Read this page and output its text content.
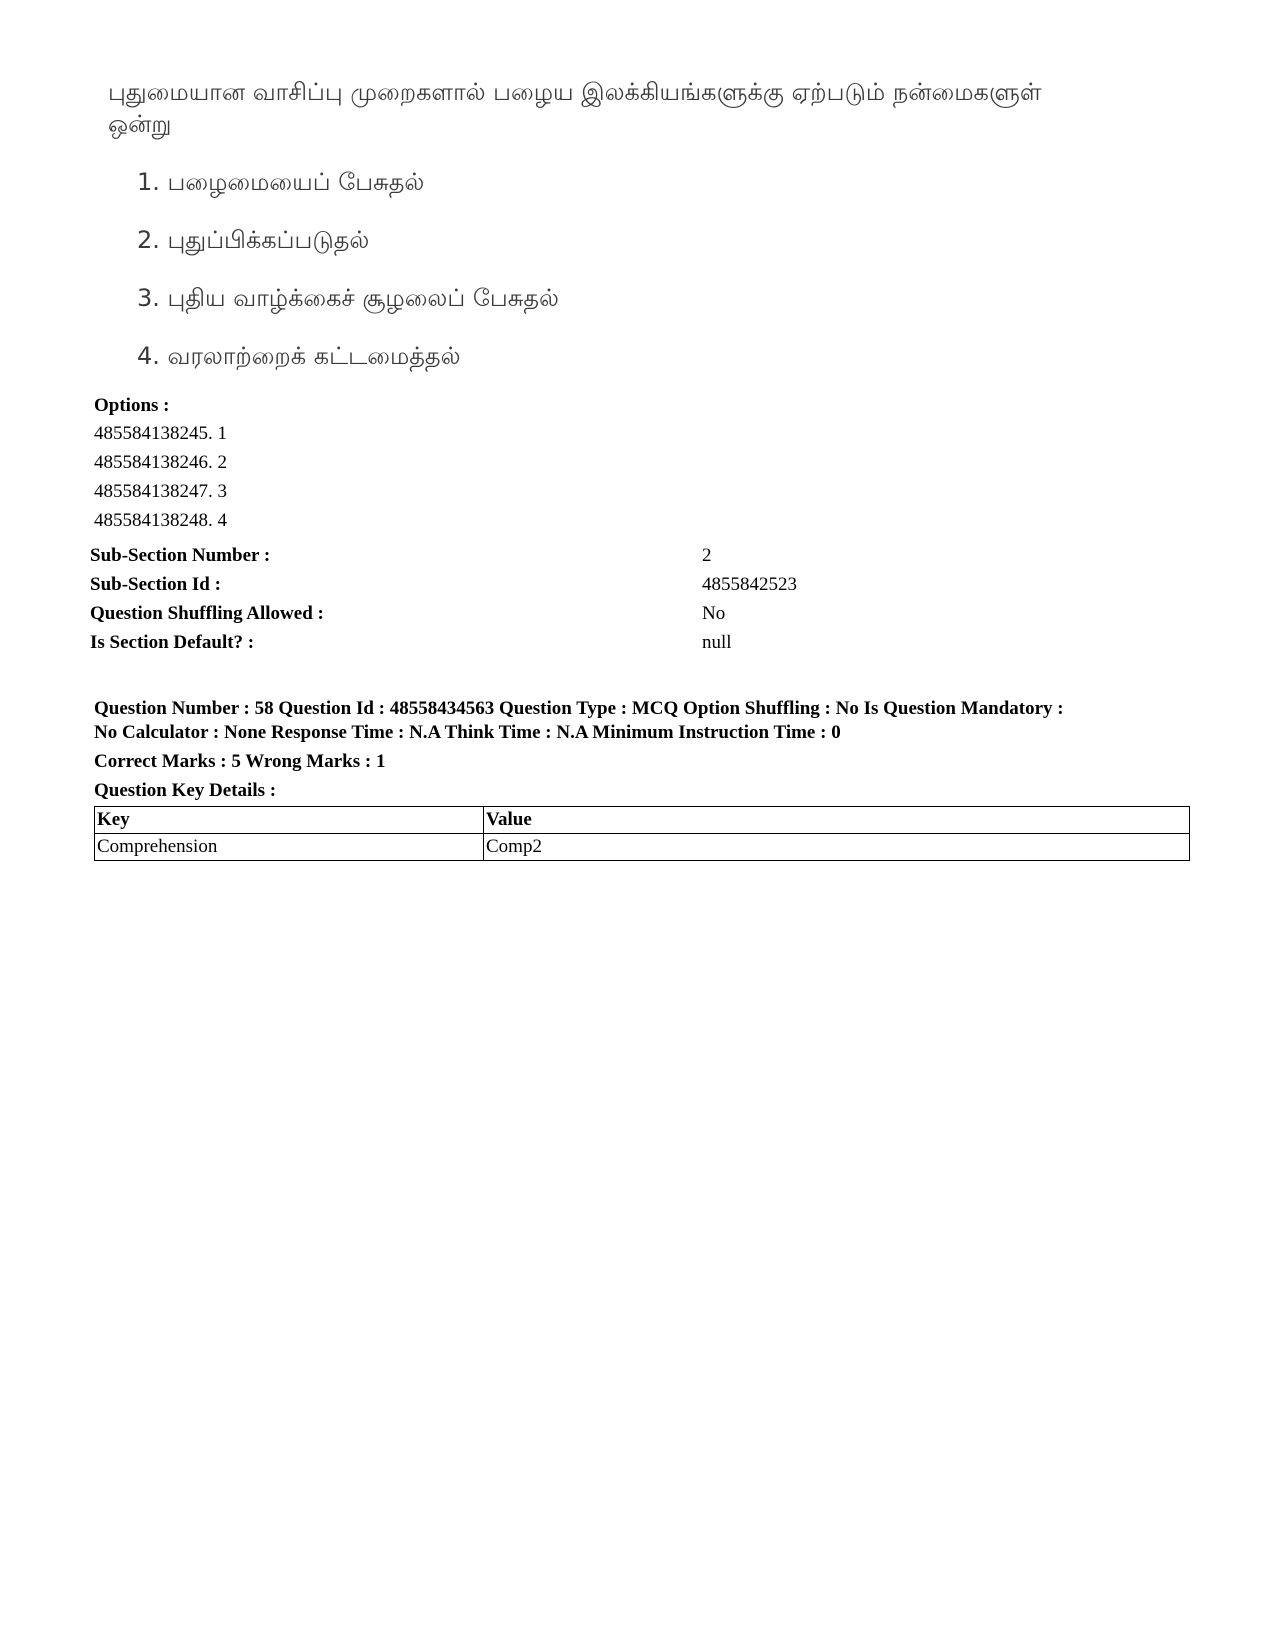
புதுமையான வாசிப்பு முறைகளால் பழைய இலக்கியங்களுக்கு ஏற்படும் நன்மைகளுள் ஒன்று
1. பழைமையைப் பேசுதல்
2. புதுப்பிக்கப்படுதல்
3. புதிய வாழ்க்கைச் சூழலைப் பேசுதல்
4. வரலாற்றைக் கட்டமைத்தல்
Options :
485584138245. 1
485584138246. 2
485584138247. 3
485584138248. 4
Sub-Section Number :	2
Sub-Section Id :	4855842523
Question Shuffling Allowed :	No
Is Section Default? :	null
Question Number : 58 Question Id : 48558434563 Question Type : MCQ Option Shuffling : No Is Question Mandatory :
No Calculator : None Response Time : N.A Think Time : N.A Minimum Instruction Time : 0
Correct Marks : 5 Wrong Marks : 1
Question Key Details :
Key	Value
Comprehension	Comp2
